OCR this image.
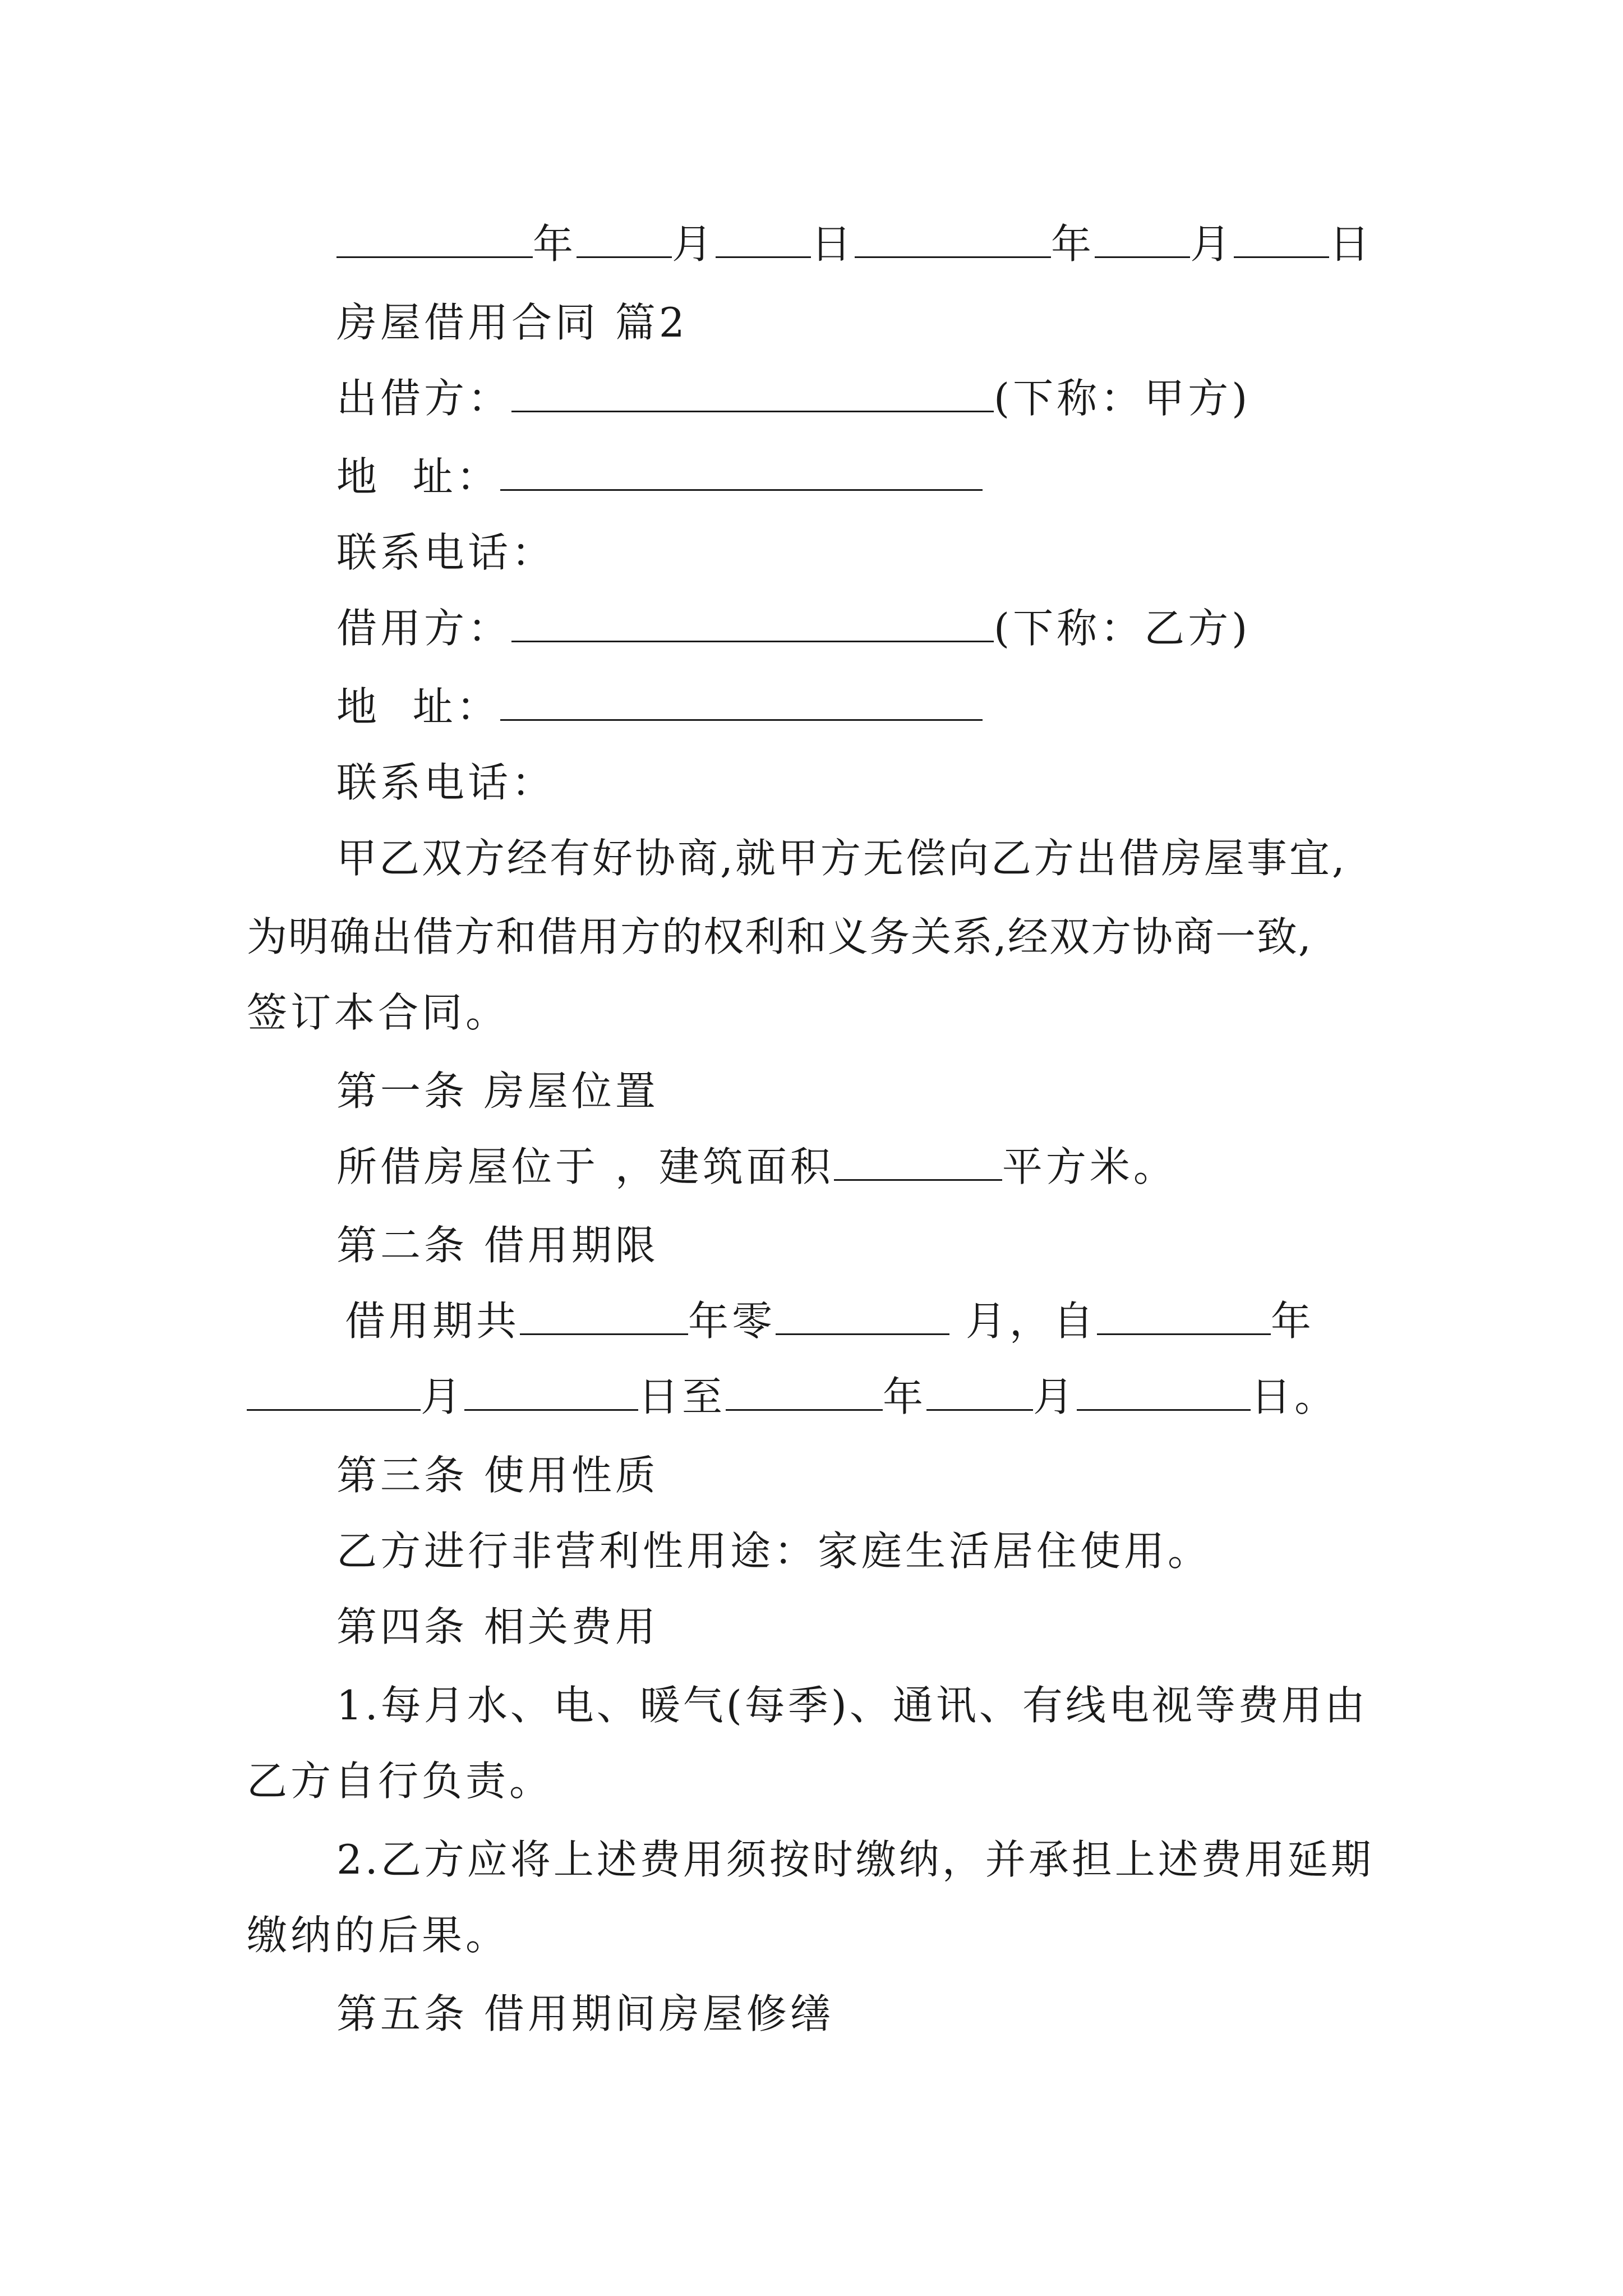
年 月 日	年 月 日
房屋借用合同 篇2
出借方：	(下称：甲方)
地  址：
联系电话：
借用方：	(下称：乙方)
地  址：
联系电话：
甲乙双方经有好协商,就甲方无偿向乙方出借房屋事宜,
为明确出借方和借用方的权利和义务关系,经双方协商一致,
签订本合同。
第一条 房屋位置
所借房屋位于 ，建筑面积	平方米。
第二条 借用期限
借用期共	年零	月，自	年
月	日至	年	月	日。
第三条 使用性质
乙方进行非营利性用途：家庭生活居住使用。
第四条 相关费用
1.每月水、电、暖气(每季)、通讯、有线电视等费用由
乙方自行负责。
2.乙方应将上述费用须按时缴纳，并承担上述费用延期
缴纳的后果。
第五条 借用期间房屋修缮
